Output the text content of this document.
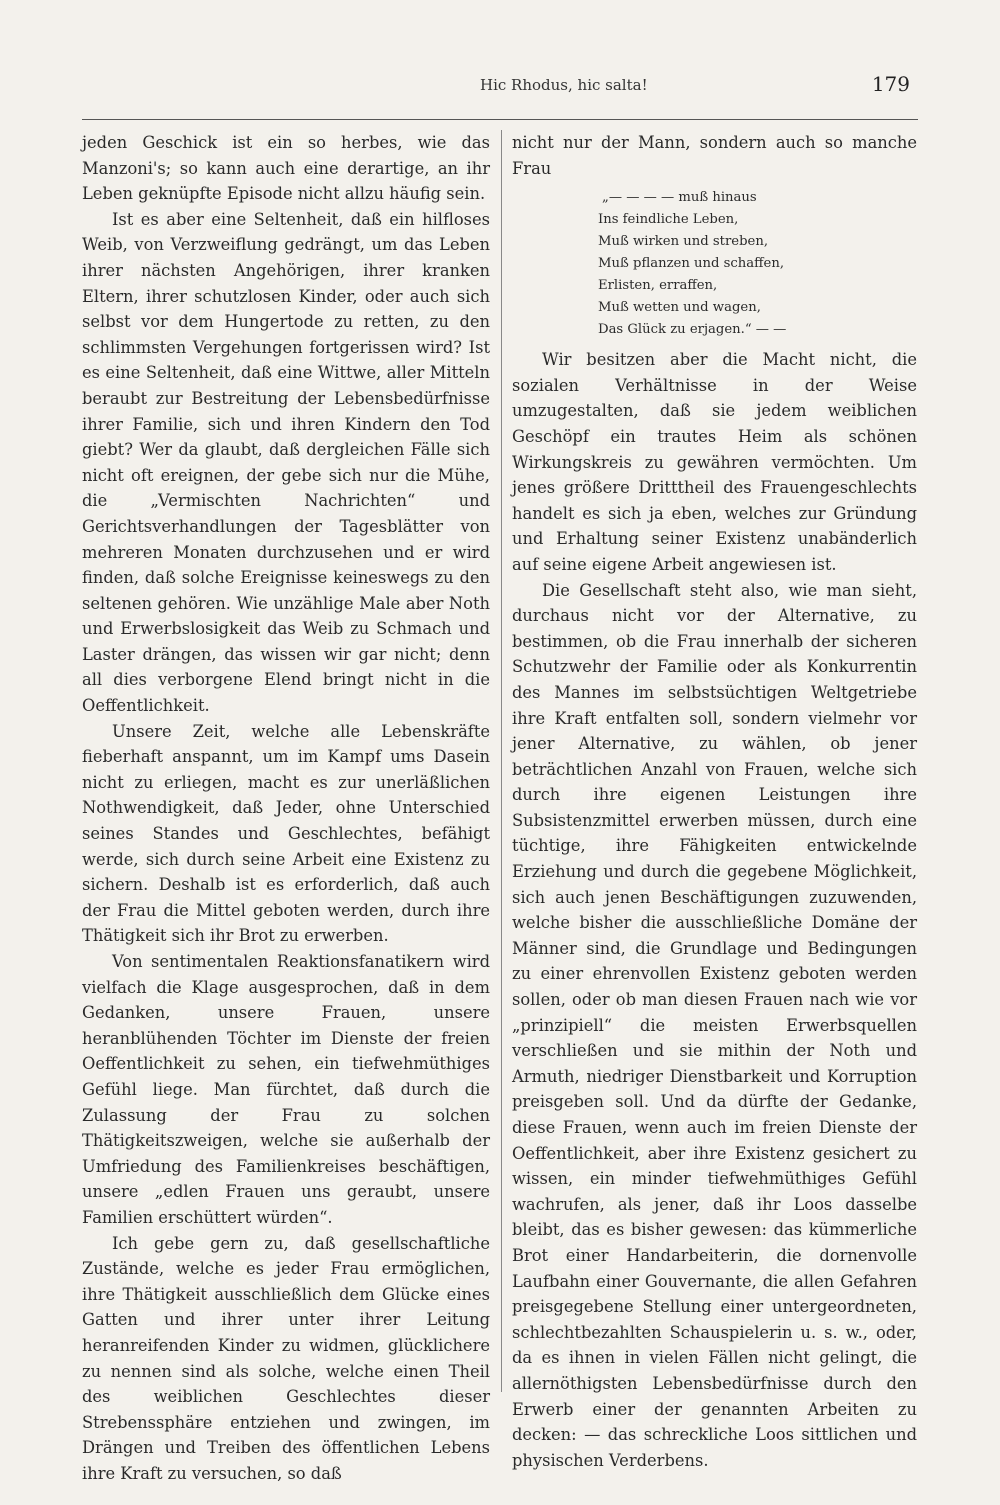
Hic Rhodus, hic salta!	179

jeden Geschick ist ein so herbes, wie das Manzoni's; so kann auch eine derartige, an ihr Leben geknüpfte Episode nicht allzu häufig sein.

Ist es aber eine Seltenheit, daß ein hilfloses Weib, von Verzweiflung gedrängt, um das Leben ihrer nächsten Angehörigen, ihrer kranken Eltern, ihrer schutzlosen Kinder, oder auch sich selbst vor dem Hungertode zu retten, zu den schlimmsten Vergehungen fortgerissen wird? Ist es eine Seltenheit, daß eine Wittwe, aller Mitteln beraubt zur Bestreitung der Lebensbedürfnisse ihrer Familie, sich und ihren Kindern den Tod giebt? Wer da glaubt, daß dergleichen Fälle sich nicht oft ereignen, der gebe sich nur die Mühe, die „Vermischten Nachrichten“ und Gerichtsverhandlungen der Tagesblätter von mehreren Monaten durchzusehen und er wird finden, daß solche Ereignisse keineswegs zu den seltenen gehören. Wie unzählige Male aber Noth und Erwerbslosigkeit das Weib zu Schmach und Laster drängen, das wissen wir gar nicht; denn all dies verborgene Elend bringt nicht in die Oeffentlichkeit.

Unsere Zeit, welche alle Lebenskräfte fieberhaft anspannt, um im Kampf ums Dasein nicht zu erliegen, macht es zur unerläßlichen Nothwendigkeit, daß Jeder, ohne Unterschied seines Standes und Geschlechtes, befähigt werde, sich durch seine Arbeit eine Existenz zu sichern. Deshalb ist es erforderlich, daß auch der Frau die Mittel geboten werden, durch ihre Thätigkeit sich ihr Brot zu erwerben.

Von sentimentalen Reaktionsfanatikern wird vielfach die Klage ausgesprochen, daß in dem Gedanken, unsere Frauen, unsere heranblühenden Töchter im Dienste der freien Oeffentlichkeit zu sehen, ein tiefwehmüthiges Gefühl liege. Man fürchtet, daß durch die Zulassung der Frau zu solchen Thätigkeitszweigen, welche sie außerhalb der Umfriedung des Familienkreises beschäftigen, unsere „edlen Frauen uns geraubt, unsere Familien erschüttert würden“.

Ich gebe gern zu, daß gesellschaftliche Zustände, welche es jeder Frau ermöglichen, ihre Thätigkeit ausschließlich dem Glücke eines Gatten und ihrer unter ihrer Leitung heranreifenden Kinder zu widmen, glücklichere zu nennen sind als solche, welche einen Theil des weiblichen Geschlechtes dieser Strebenssphäre entziehen und zwingen, im Drängen und Treiben des öffentlichen Lebens ihre Kraft zu versuchen, so daß

nicht nur der Mann, sondern auch so manche Frau

„— — — — muß hinaus
Ins feindliche Leben,
Muß wirken und streben,
Muß pflanzen und schaffen,
Erlisten, erraffen,
Muß wetten und wagen,
Das Glück zu erjagen.“ — —

Wir besitzen aber die Macht nicht, die sozialen Verhältnisse in der Weise umzugestalten, daß sie jedem weiblichen Geschöpf ein trautes Heim als schönen Wirkungskreis zu gewähren vermöchten. Um jenes größere Dritttheil des Frauengeschlechts handelt es sich ja eben, welches zur Gründung und Erhaltung seiner Existenz unabänderlich auf seine eigene Arbeit angewiesen ist.

Die Gesellschaft steht also, wie man sieht, durchaus nicht vor der Alternative, zu bestimmen, ob die Frau innerhalb der sicheren Schutzwehr der Familie oder als Konkurrentin des Mannes im selbstsüchtigen Weltgetriebe ihre Kraft entfalten soll, sondern vielmehr vor jener Alternative, zu wählen, ob jener beträchtlichen Anzahl von Frauen, welche sich durch ihre eigenen Leistungen ihre Subsistenzmittel erwerben müssen, durch eine tüchtige, ihre Fähigkeiten entwickelnde Erziehung und durch die gegebene Möglichkeit, sich auch jenen Beschäftigungen zuzuwenden, welche bisher die ausschließliche Domäne der Männer sind, die Grundlage und Bedingungen zu einer ehrenvollen Existenz geboten werden sollen, oder ob man diesen Frauen nach wie vor „prinzipiell“ die meisten Erwerbsquellen verschließen und sie mithin der Noth und Armuth, niedriger Dienstbarkeit und Korruption preisgeben soll. Und da dürfte der Gedanke, diese Frauen, wenn auch im freien Dienste der Oeffentlichkeit, aber ihre Existenz gesichert zu wissen, ein minder tiefwehmüthiges Gefühl wachrufen, als jener, daß ihr Loos dasselbe bleibt, das es bisher gewesen: das kümmerliche Brot einer Handarbeiterin, die dornenvolle Laufbahn einer Gouvernante, die allen Gefahren preisgegebene Stellung einer untergeordneten, schlechtbezahlten Schauspielerin u. s. w., oder, da es ihnen in vielen Fällen nicht gelingt, die allernöthigsten Lebensbedürfnisse durch den Erwerb einer der genannten Arbeiten zu decken: — das schreckliche Loos sittlichen und physischen Verderbens.
